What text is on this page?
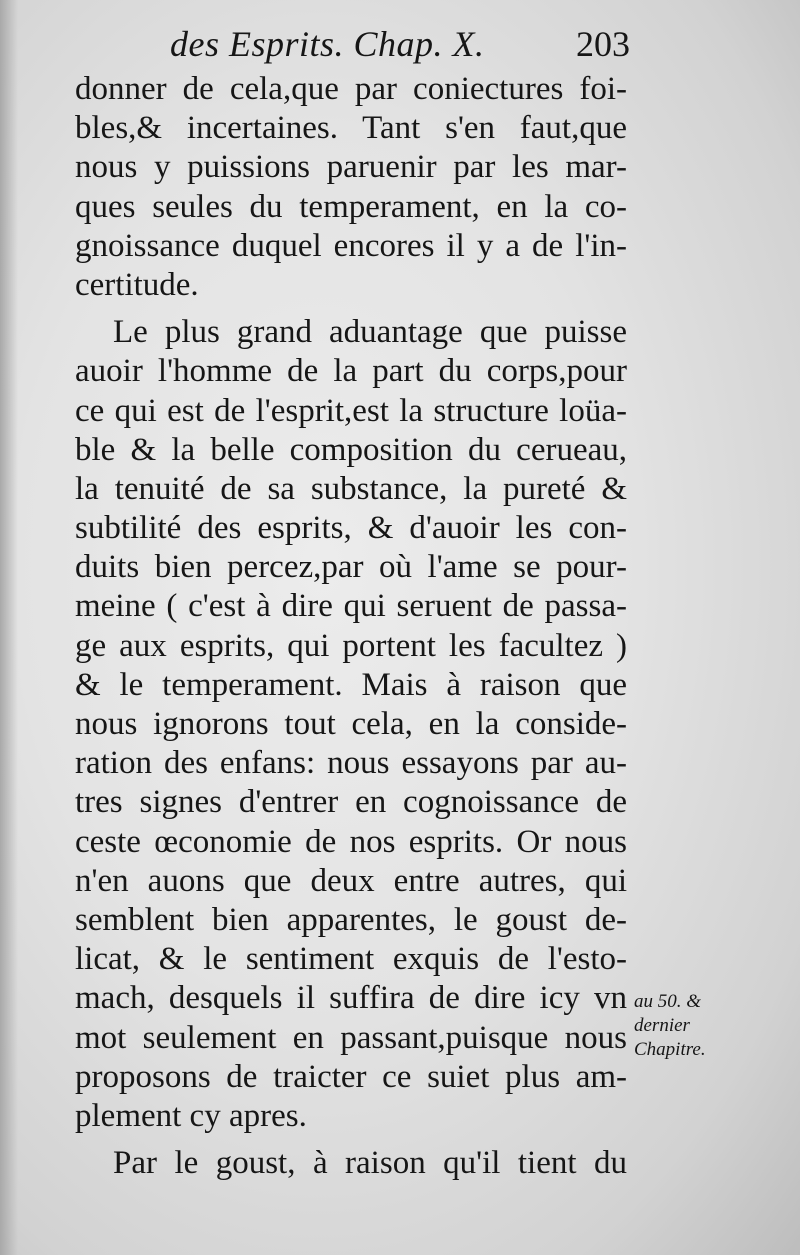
des Esprits. Chap. X.	203
donner de cela,que par coniectures foi-
bles,& incertaines. Tant s'en faut,que
nous y puissions paruenir par les mar-
ques seules du temperament, en la co-
gnoissance duquel encores il y a de l'in-
certitude.
Le plus grand aduantage que puisse
auoir l'homme de la part du corps,pour
ce qui est de l'esprit,est la structure loüa-
ble & la belle composition du cerueau,
la tenuité de sa substance, la pureté &
subtilité des esprits, & d'auoir les con-
duits bien percez,par où l'ame se pour-
meine ( c'est à dire qui seruent de passa-
ge aux esprits, qui portent les facultez )
& le temperament. Mais à raison que
nous ignorons tout cela, en la conside-
ration des enfans: nous essayons par au-
tres signes d'entrer en cognoissance de
ceste œconomie de nos esprits. Or nous
n'en auons que deux entre autres, qui
semblent bien apparentes, le goust de-
licat, & le sentiment exquis de l'esto-
mach, desquels il suffira de dire icy vn
mot seulement en passant,puisque nous
proposons de traicter ce suiet plus am-
plement cy apres.
Par le goust, à raison qu'il tient du
au 50. &
dernier
Chapitre.
